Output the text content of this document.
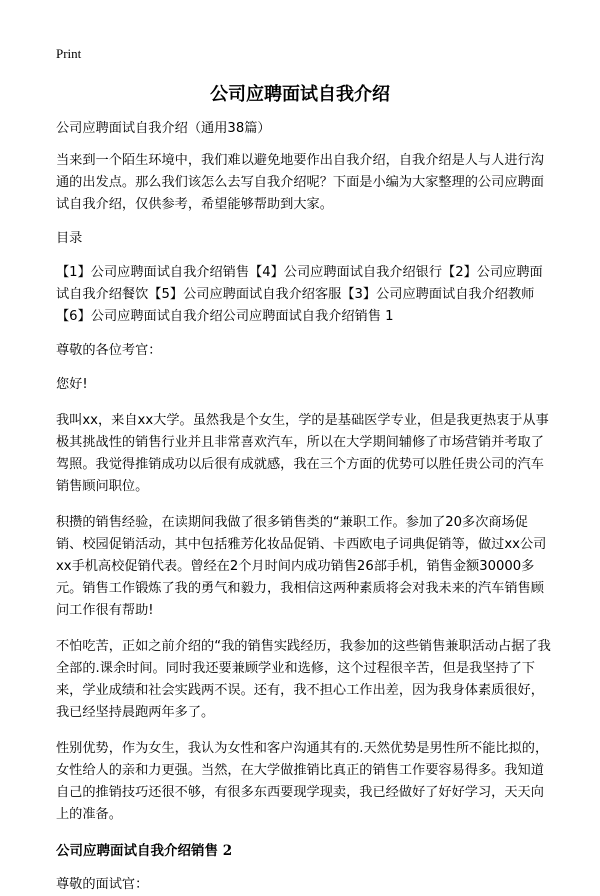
Print
公司应聘面试自我介绍

公司应聘面试自我介绍（通用38篇）

当来到一个陌生环境中，我们难以避免地要作出自我介绍，自我介绍是人与人进行沟通的出发点。那么我们该怎么去写自我介绍呢？下面是小编为大家整理的公司应聘面试自我介绍，仅供参考，希望能够帮助到大家。

目录

【1】公司应聘面试自我介绍销售【4】公司应聘面试自我介绍银行【2】公司应聘面试自我介绍餐饮【5】公司应聘面试自我介绍客服【3】公司应聘面试自我介绍教师【6】公司应聘面试自我介绍公司应聘面试自我介绍销售 1

尊敬的各位考官：

您好!

我叫xx，来自xx大学。虽然我是个女生，学的是基础医学专业，但是我更热衷于从事极其挑战性的销售行业并且非常喜欢汽车，所以在大学期间辅修了市场营销并考取了驾照。我觉得推销成功以后很有成就感，我在三个方面的优势可以胜任贵公司的汽车销售顾问职位。

积攒的销售经验，在读期间我做了很多销售类的“兼职工作。参加了20多次商场促销、校园促销活动，其中包括雅芳化妆品促销、卡西欧电子词典促销等，做过xx公司xx手机高校促销代表。曾经在2个月时间内成功销售26部手机，销售金额30000多元。销售工作锻炼了我的勇气和毅力，我相信这两种素质将会对我未来的汽车销售顾问工作很有帮助!

不怕吃苦，正如之前介绍的“我的销售实践经历，我参加的这些销售兼职活动占据了我全部的.课余时间。同时我还要兼顾学业和选修，这个过程很辛苦，但是我坚持了下来，学业成绩和社会实践两不误。还有，我不担心工作出差，因为我身体素质很好，我已经坚持晨跑两年多了。

性别优势，作为女生，我认为女性和客户沟通其有的.天然优势是男性所不能比拟的，女性给人的亲和力更强。当然，在大学做推销比真正的销售工作要容易得多。我知道自己的推销技巧还很不够，有很多东西要现学现卖，我已经做好了好好学习，天天向上的准备。

公司应聘面试自我介绍销售 2

尊敬的面试官：
